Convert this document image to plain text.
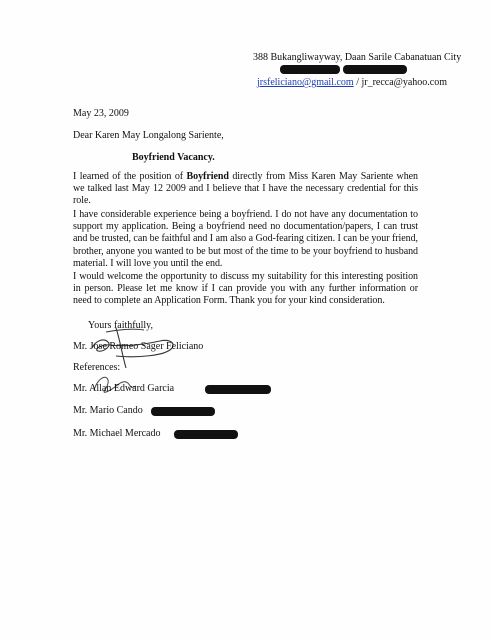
388 Bukangliwayway, Daan Sarile Cabanatuan City
jrsfeliciano@gmail.com / jr_recca@yahoo.com
May 23, 2009
Dear Karen May Longalong Sariente,
Boyfriend Vacancy.
I learned of the position of Boyfriend directly from Miss Karen May Sariente when we talked last May 12 2009 and I believe that I have the necessary credential for this role.
I have considerable experience being a boyfriend. I do not have any documentation to support my application. Being a boyfriend need no documentation/papers, I can trust and be trusted, can be faithful and I am also a God-fearing citizen. I can be your friend, brother, anyone you wanted to be but most of the time to be your boyfriend to husband material. I will love you until the end.
I would welcome the opportunity to discuss my suitability for this interesting position in person. Please let me know if I can provide you with any further information or need to complete an Application Form. Thank you for your kind consideration.
Yours faithfully,
Mr. Jose Romeo Sager Feliciano
References:
Mr. Allan Edward Garcia
Mr. Mario Cando
Mr. Michael Mercado
